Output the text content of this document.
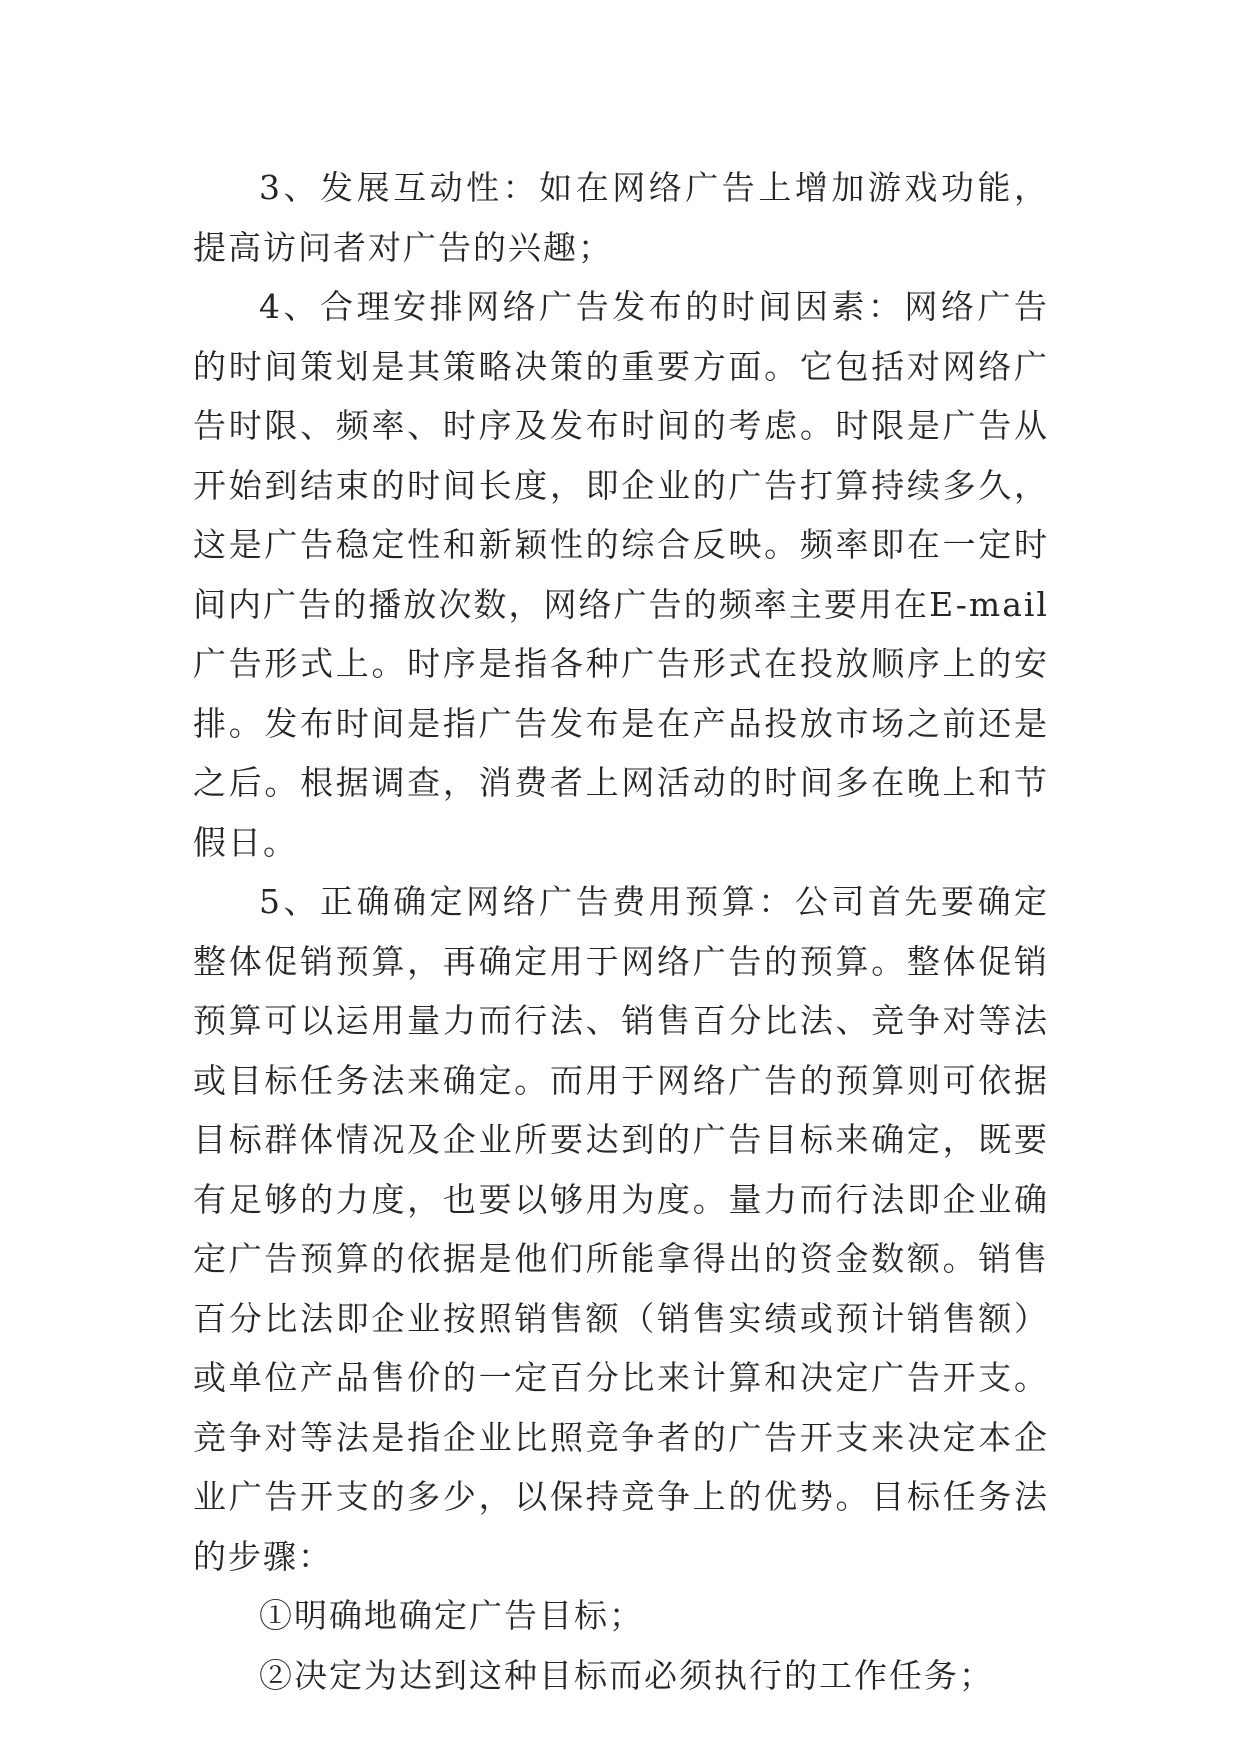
3、发展互动性：如在网络广告上增加游戏功能，提高访问者对广告的兴趣；

4、合理安排网络广告发布的时间因素：网络广告的时间策划是其策略决策的重要方面。它包括对网络广告时限、频率、时序及发布时间的考虑。时限是广告从开始到结束的时间长度，即企业的广告打算持续多久，这是广告稳定性和新颖性的综合反映。频率即在一定时间内广告的播放次数，网络广告的频率主要用在E-mail广告形式上。时序是指各种广告形式在投放顺序上的安排。发布时间是指广告发布是在产品投放市场之前还是之后。根据调查，消费者上网活动的时间多在晚上和节假日。

5、正确确定网络广告费用预算：公司首先要确定整体促销预算，再确定用于网络广告的预算。整体促销预算可以运用量力而行法、销售百分比法、竞争对等法或目标任务法来确定。而用于网络广告的预算则可依据目标群体情况及企业所要达到的广告目标来确定，既要有足够的力度，也要以够用为度。量力而行法即企业确定广告预算的依据是他们所能拿得出的资金数额。销售百分比法即企业按照销售额（销售实绩或预计销售额）或单位产品售价的一定百分比来计算和决定广告开支。竞争对等法是指企业比照竞争者的广告开支来决定本企业广告开支的多少，以保持竞争上的优势。目标任务法的步骤：

①明确地确定广告目标；

②决定为达到这种目标而必须执行的工作任务；
